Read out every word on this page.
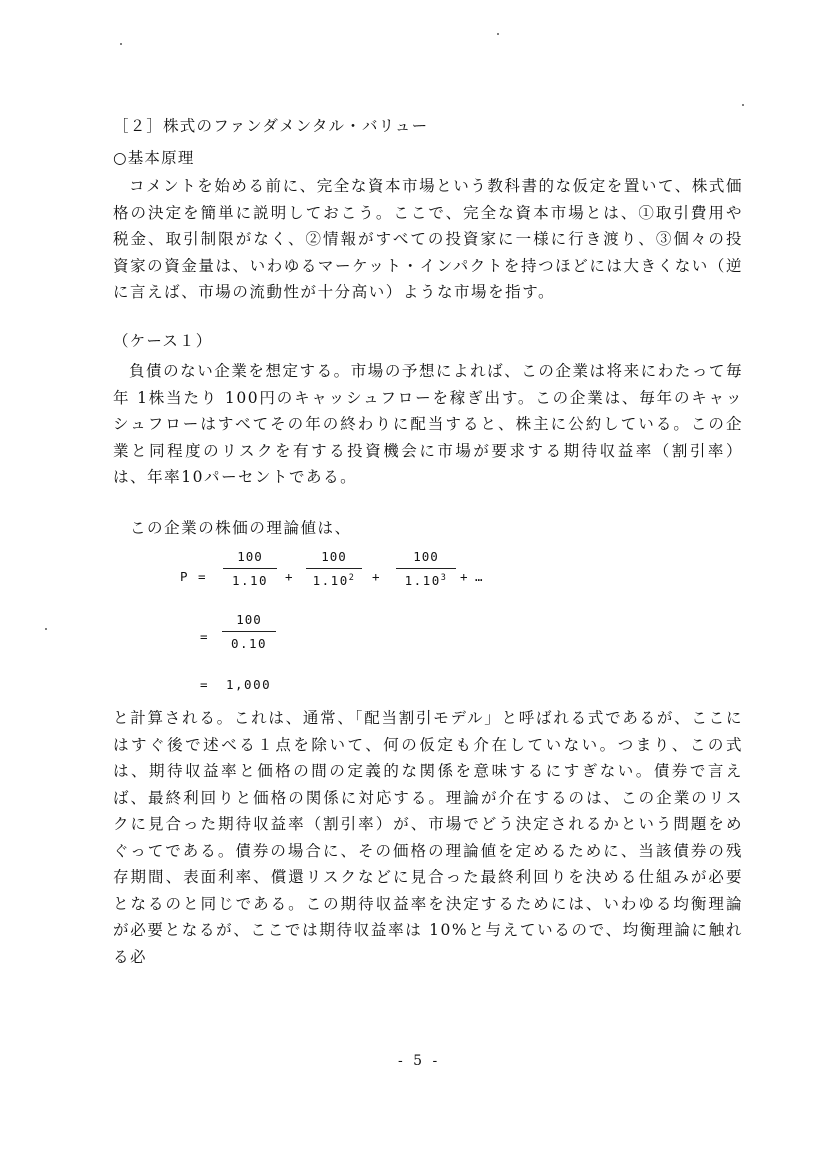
［２］株式のファンダメンタル・バリュー
○基本原理

コメントを始める前に、完全な資本市場という教科書的な仮定を置いて、株式価格の決定を簡単に説明しておこう。ここで、完全な資本市場とは、①取引費用や税金、取引制限がなく、②情報がすべての投資家に一様に行き渡り、③個々の投資家の資金量は、いわゆるマーケット・インパクトを持つほどには大きくない（逆に言えば、市場の流動性が十分高い）ような市場を指す。

（ケース１）

負債のない企業を想定する。市場の予想によれば、この企業は将来にわたって毎年 1株当たり 100円のキャッシュフローを稼ぎ出す。この企業は、毎年のキャッシュフローはすべてその年の終わりに配当すると、株主に公約している。この企業と同程度のリスクを有する投資機会に市場が要求する期待収益率（割引率）は、年率10パーセントである。

この企業の株価の理論値は、
P =
100
1.10	+
100
$1.10^2$	+
100
$1.10^3$	+ …
=
100
0.10
= 1,000

と計算される。これは、通常、「配当割引モデル」と呼ばれる式であるが、ここにはすぐ後で述べる１点を除いて、何の仮定も介在していない。つまり、この式は、期待収益率と価格の間の定義的な関係を意味するにすぎない。債券で言えば、最終利回りと価格の関係に対応する。理論が介在するのは、この企業のリスクに見合った期待収益率（割引率）が、市場でどう決定されるかという問題をめぐってである。債券の場合に、その価格の理論値を定めるために、当該債券の残存期間、表面利率、償還リスクなどに見合った最終利回りを決める仕組みが必要となるのと同じである。この期待収益率を決定するためには、いわゆる均衡理論が必要となるが、ここでは期待収益率は 10%と与えているので、均衡理論に触れる必

- 5 -
